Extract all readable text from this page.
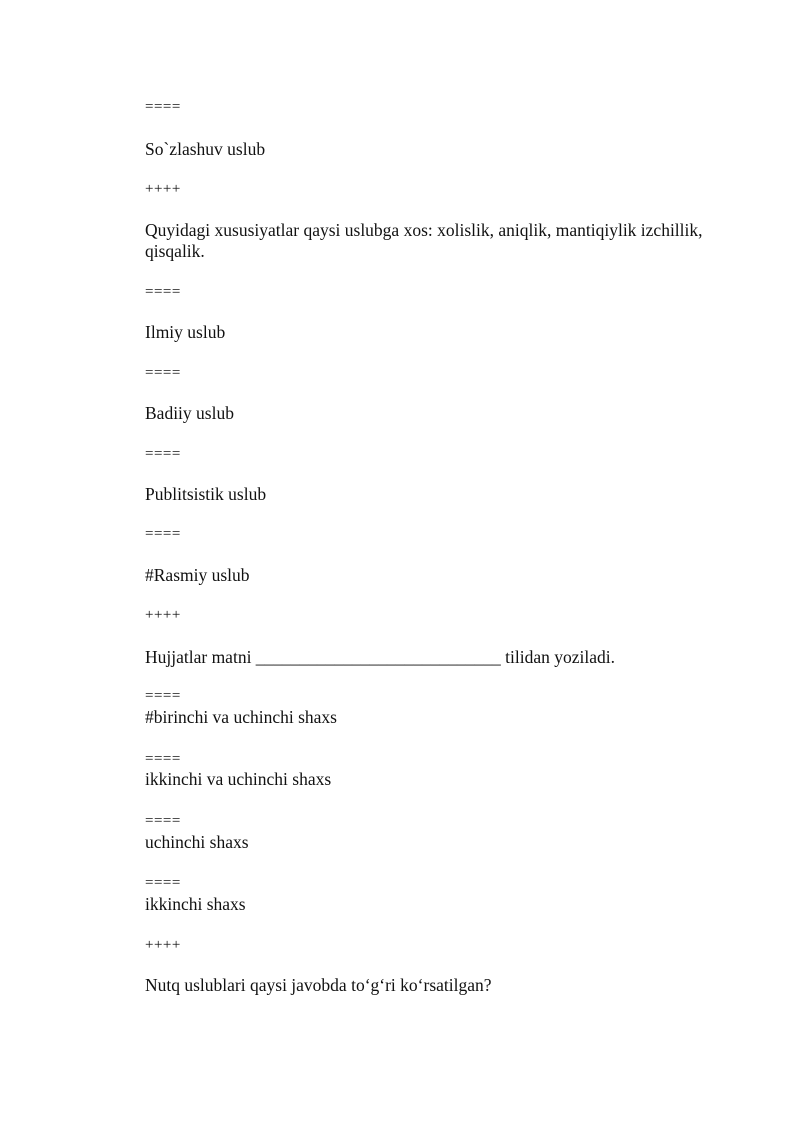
====
So`zlashuv uslub
++++
Quyidagi xususiyatlar qaysi uslubga xos: xolislik, aniqlik, mantiqiylik izchillik, qisqalik.
====
Ilmiy uslub
====
Badiiy uslub
====
Publitsistik uslub
====
#Rasmiy uslub
++++
Hujjatlar matni ____________________________ tilidan yoziladi.
====
#birinchi va uchinchi shaxs
====
ikkinchi va uchinchi shaxs
====
uchinchi shaxs
====
ikkinchi shaxs
++++
Nutq uslublari qaysi javobda to‘g‘ri ko‘rsatilgan?
